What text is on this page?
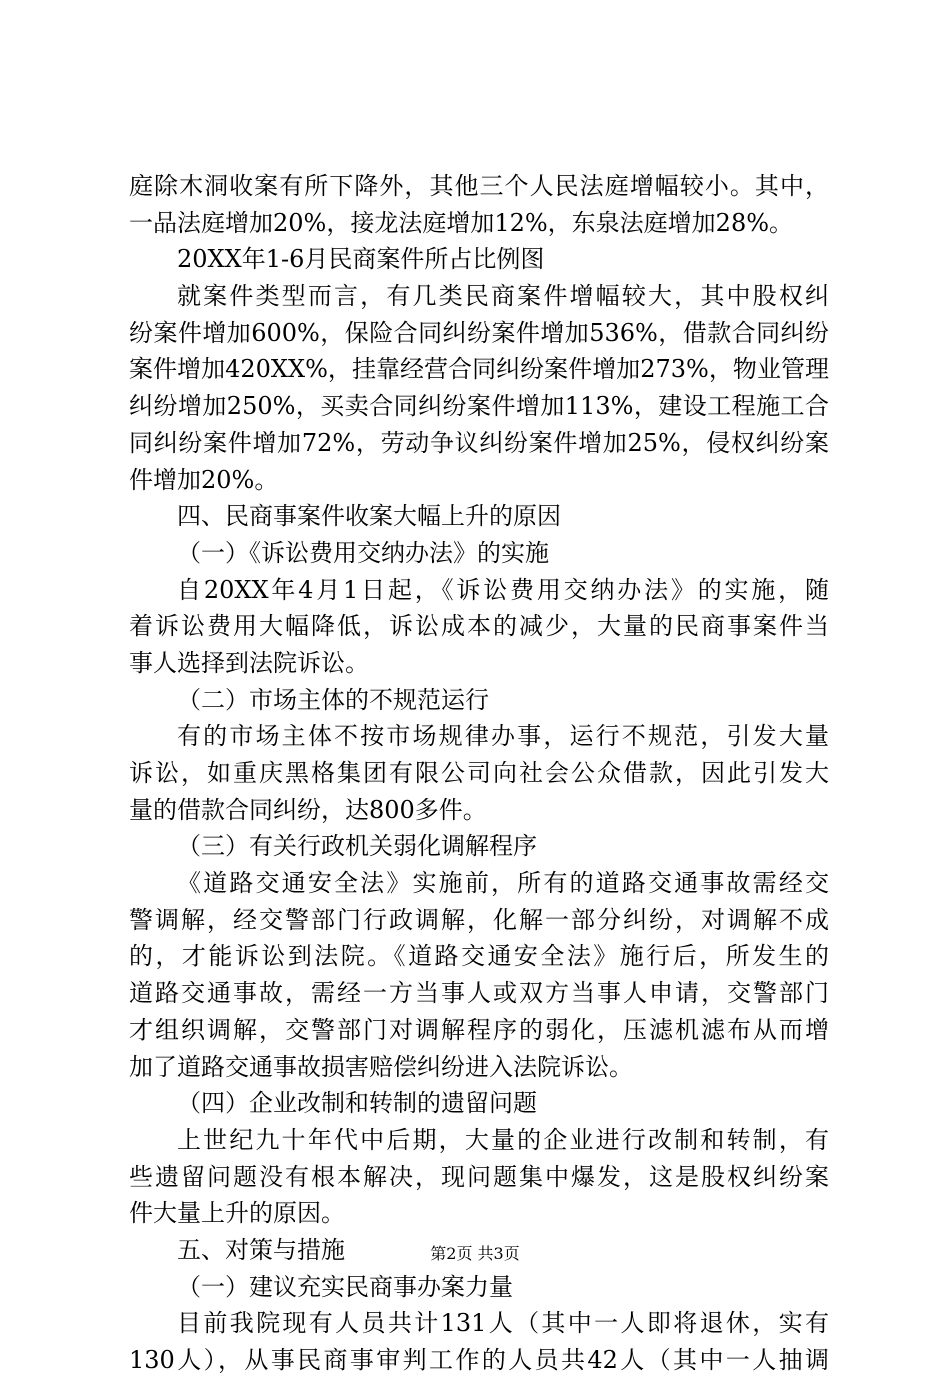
庭除木洞收案有所下降外，其他三个人民法庭增幅较小。其中，
一品法庭增加20%，接龙法庭增加12%，东泉法庭增加28%。
20XX年1-6月民商案件所占比例图
就案件类型而言，有几类民商案件增幅较大，其中股权纠
纷案件增加600%，保险合同纠纷案件增加536%，借款合同纠纷
案件增加420XX%，挂靠经营合同纠纷案件增加273%，物业管理
纠纷增加250%，买卖合同纠纷案件增加113%，建设工程施工合
同纠纷案件增加72%，劳动争议纠纷案件增加25%，侵权纠纷案
件增加20%。
四、民商事案件收案大幅上升的原因
（一）《诉讼费用交纳办法》的实施
自20XX年4月1日起，《诉讼费用交纳办法》的实施，随
着诉讼费用大幅降低，诉讼成本的减少，大量的民商事案件当
事人选择到法院诉讼。
（二）市场主体的不规范运行
有的市场主体不按市场规律办事，运行不规范，引发大量
诉讼，如重庆黑格集团有限公司向社会公众借款，因此引发大
量的借款合同纠纷，达800多件。
（三）有关行政机关弱化调解程序
《道路交通安全法》实施前，所有的道路交通事故需经交
警调解，经交警部门行政调解，化解一部分纠纷，对调解不成
的，才能诉讼到法院。《道路交通安全法》施行后，所发生的
道路交通事故，需经一方当事人或双方当事人申请，交警部门
才组织调解，交警部门对调解程序的弱化，压滤机滤布从而增
加了道路交通事故损害赔偿纠纷进入法院诉讼。
（四）企业改制和转制的遗留问题
上世纪九十年代中后期，大量的企业进行改制和转制，有
些遗留问题没有根本解决，现问题集中爆发，这是股权纠纷案
件大量上升的原因。
五、对策与措施
（一）建议充实民商事办案力量
目前我院现有人员共计131人（其中一人即将退休，实有
130人），从事民商事审判工作的人员共42人（其中一人抽调
第2页 共3页
